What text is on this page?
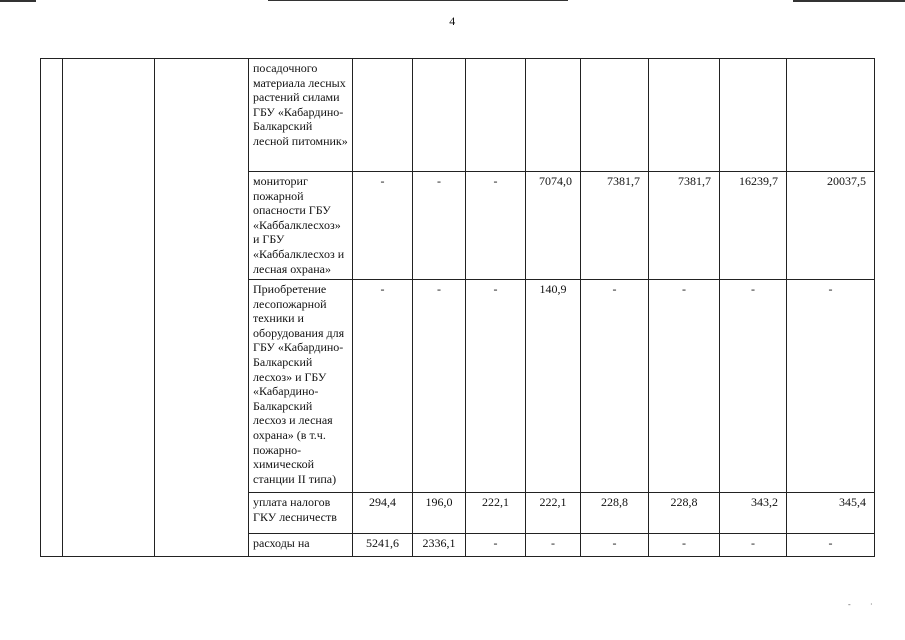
4
			посадочного материала лесных растений силами ГБУ «Кабардино-Балкарский лесной питомник»								
			мониториг пожарной опасности ГБУ «Каббалклесхоз» и ГБУ «Каббалклесхоз и лесная охрана»	-	-	-	7074,0	7381,7	7381,7	16239,7	20037,5
			Приобретение лесопожарной техники и оборудования для ГБУ «Кабардино-Балкарский лесхоз» и ГБУ «Кабардино-Балкарский лесхоз и лесная охрана» (в т.ч. пожарно-химической станции II типа)	-	-	-	140,9	-	-	-	-
			уплата налогов ГКУ лесничеств	294,4	196,0	222,1	222,1	228,8	228,8	343,2	345,4
			расходы на	5241,6	2336,1	-	-	-	-	-	-
- ·
